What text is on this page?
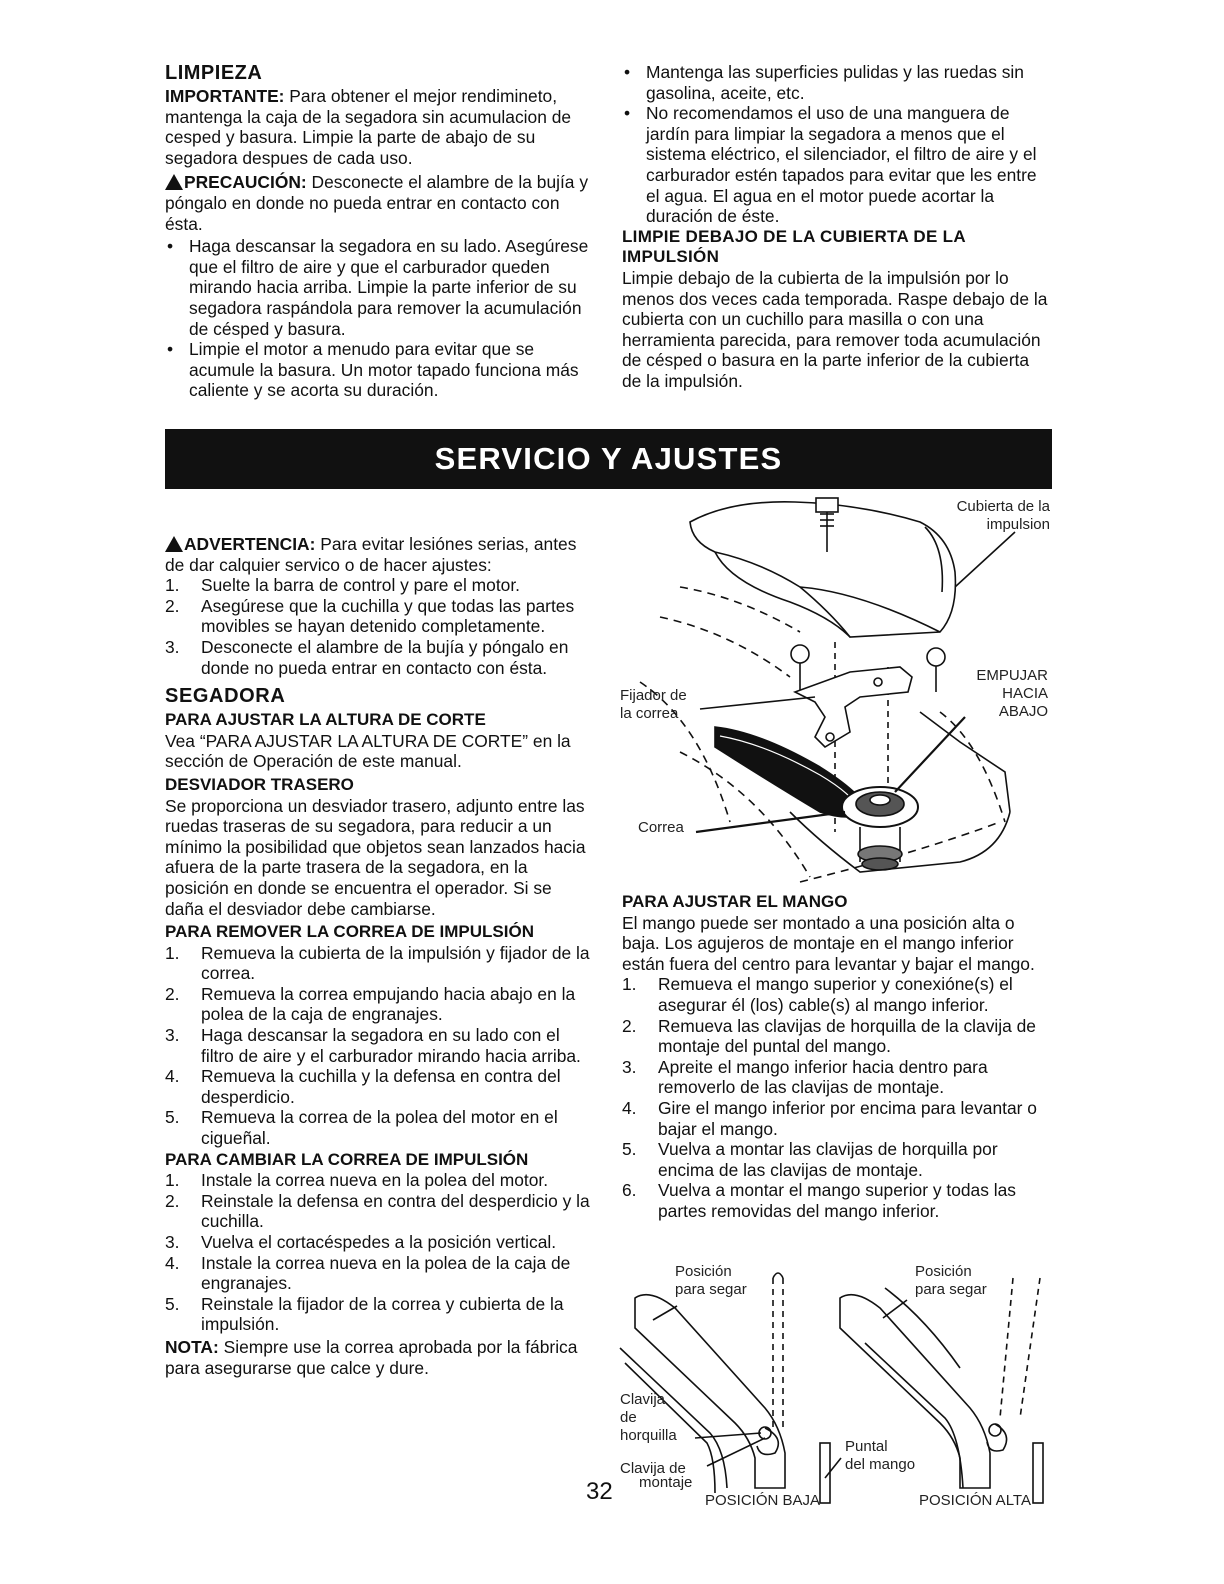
LIMPIEZA

IMPORTANTE: Para obtener el mejor rendimineto, mantenga la caja de la segadora sin acumulacion de cesped y basura. Limpie la parte de abajo de su segadora despues de cada uso.

PRECAUCIÓN: Desconecte el alambre de la bujía y póngalo en donde no pueda entrar en contacto con ésta.

• Haga descansar la segadora en su lado. Asegúrese que el filtro de aire y que el carburador queden mirando hacia arriba. Limpie la parte inferior de su segadora raspándola para remover la acumulación de césped y basura.
• Limpie el motor a menudo para evitar que se acumule la basura. Un motor tapado funciona más caliente y se acorta su duración.
• Mantenga las superficies pulidas y las ruedas sin gasolina, aceite, etc.
• No recomendamos el uso de una manguera de jardín para limpiar la segadora a menos que el sistema eléctrico, el silenciador, el filtro de aire y el carburador estén tapados para evitar que les entre el agua. El agua en el motor puede acortar la duración de éste.
LIMPIE DEBAJO DE LA CUBIERTA DE LA IMPULSIÓN

Limpie debajo de la cubierta de la impulsión por lo menos dos veces cada temporada. Raspe debajo de la cubierta con un cuchillo para masilla o con una herramienta parecida, para remover toda acumulación de césped o basura en la parte inferior de la cubierta de la impulsión.

SERVICIO Y AJUSTES

ADVERTENCIA: Para evitar lesiónes serias, antes de dar calquier servico o de hacer ajustes:

1. Suelte la barra de control y pare el motor.
2. Asegúrese que la cuchilla y que todas las partes movibles se hayan detenido completamente.
3. Desconecte el alambre de la bujía y póngalo en donde no pueda entrar en contacto con ésta.
SEGADORA
PARA AJUSTAR LA ALTURA DE CORTE

Vea “PARA AJUSTAR LA ALTURA DE CORTE” en la sección de Operación de este manual.

DESVIADOR TRASERO

Se proporciona un desviador trasero, adjunto entre las ruedas traseras de su segadora, para reducir a un mínimo la posibilidad que objetos sean lanzados hacia afuera de la parte trasera de la segadora, en la posición en donde se encuentra el operador. Si se daña el desviador debe cambiarse.

PARA REMOVER LA CORREA DE IMPULSIÓN
1. Remueva la cubierta de la impulsión y fijador de la correa.
2. Remueva la correa empujando hacia abajo en la polea de la caja de engranajes.
3. Haga descansar la segadora en su lado con el filtro de aire y el carburador mirando hacia arriba.
4. Remueva la cuchilla y la defensa en contra del desperdicio.
5. Remueva la correa de la polea del motor en el cigueñal.
PARA CAMBIAR LA CORREA DE IMPULSIÓN
1. Instale la correa nueva en la polea del motor.
2. Reinstale la defensa en contra del desperdicio y la cuchilla.
3. Vuelva el cortacéspedes a la posición vertical.
4. Instale la correa nueva en la polea de la caja de engranajes.
5. Reinstale la fijador de la correa y cubierta de la impulsión.

NOTA: Siempre use la correa aprobada por la fábrica para asegurarse que calce y dure.

Cubierta de la
impulsion
Fijador de
la correa
EMPUJAR
HACIA
ABAJO
Correa
PARA AJUSTAR EL MANGO

El mango puede ser montado a una posición alta o baja. Los agujeros de montaje en el mango inferior están fuera del centro para levantar y bajar el mango.

1. Remueva el mango superior y conexióne(s) el asegurar él (los) cable(s) al mango inferior.
2. Remueva las clavijas de horquilla de la clavija de montaje del puntal del mango.
3. Apreite el mango inferior hacia dentro para removerlo de las clavijas de montaje.
4. Gire el mango inferior por encima para levantar o bajar el mango.
5. Vuelva a montar las clavijas de horquilla por encima de las clavijas de montaje.
6. Vuelva a montar el mango superior y todas las partes removidas del mango inferior.
Posición
para segar
Posición
para segar
Clavija
de
horquilla
Clavija de
montaje
Puntal
del mango
POSICIÓN BAJA	POSICIÓN ALTA
32
